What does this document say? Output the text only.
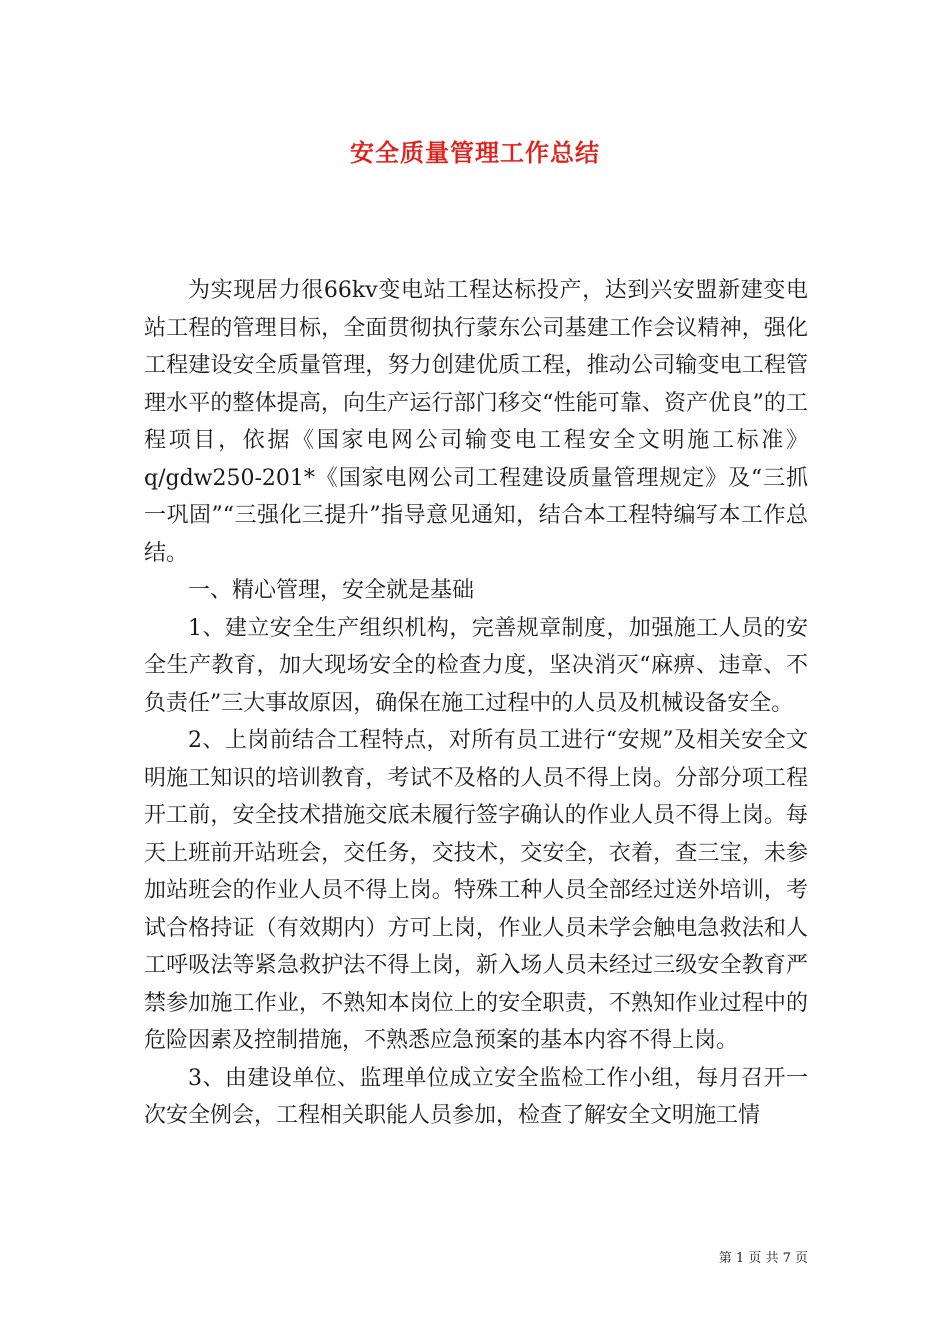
安全质量管理工作总结

为实现居力很66kv变电站工程达标投产，达到兴安盟新建变电站工程的管理目标，全面贯彻执行蒙东公司基建工作会议精神，强化工程建设安全质量管理，努力创建优质工程，推动公司输变电工程管理水平的整体提高，向生产运行部门移交“性能可靠、资产优良”的工程项目，依据《国家电网公司输变电工程安全文明施工标准》q/gdw250-201*《国家电网公司工程建设质量管理规定》及“三抓一巩固”“三强化三提升”指导意见通知，结合本工程特编写本工作总结。

一、精心管理，安全就是基础

1、建立安全生产组织机构，完善规章制度，加强施工人员的安全生产教育，加大现场安全的检查力度，坚决消灭“麻痹、违章、不负责任”三大事故原因，确保在施工过程中的人员及机械设备安全。

2、上岗前结合工程特点，对所有员工进行“安规”及相关安全文明施工知识的培训教育，考试不及格的人员不得上岗。分部分项工程开工前，安全技术措施交底未履行签字确认的作业人员不得上岗。每天上班前开站班会，交任务，交技术，交安全，衣着，查三宝，未参加站班会的作业人员不得上岗。特殊工种人员全部经过送外培训，考试合格持证（有效期内）方可上岗，作业人员未学会触电急救法和人工呼吸法等紧急救护法不得上岗，新入场人员未经过三级安全教育严禁参加施工作业，不熟知本岗位上的安全职责，不熟知作业过程中的危险因素及控制措施，不熟悉应急预案的基本内容不得上岗。

3、由建设单位、监理单位成立安全监检工作小组，每月召开一次安全例会，工程相关职能人员参加，检查了解安全文明施工情

第 1 页 共 7 页
